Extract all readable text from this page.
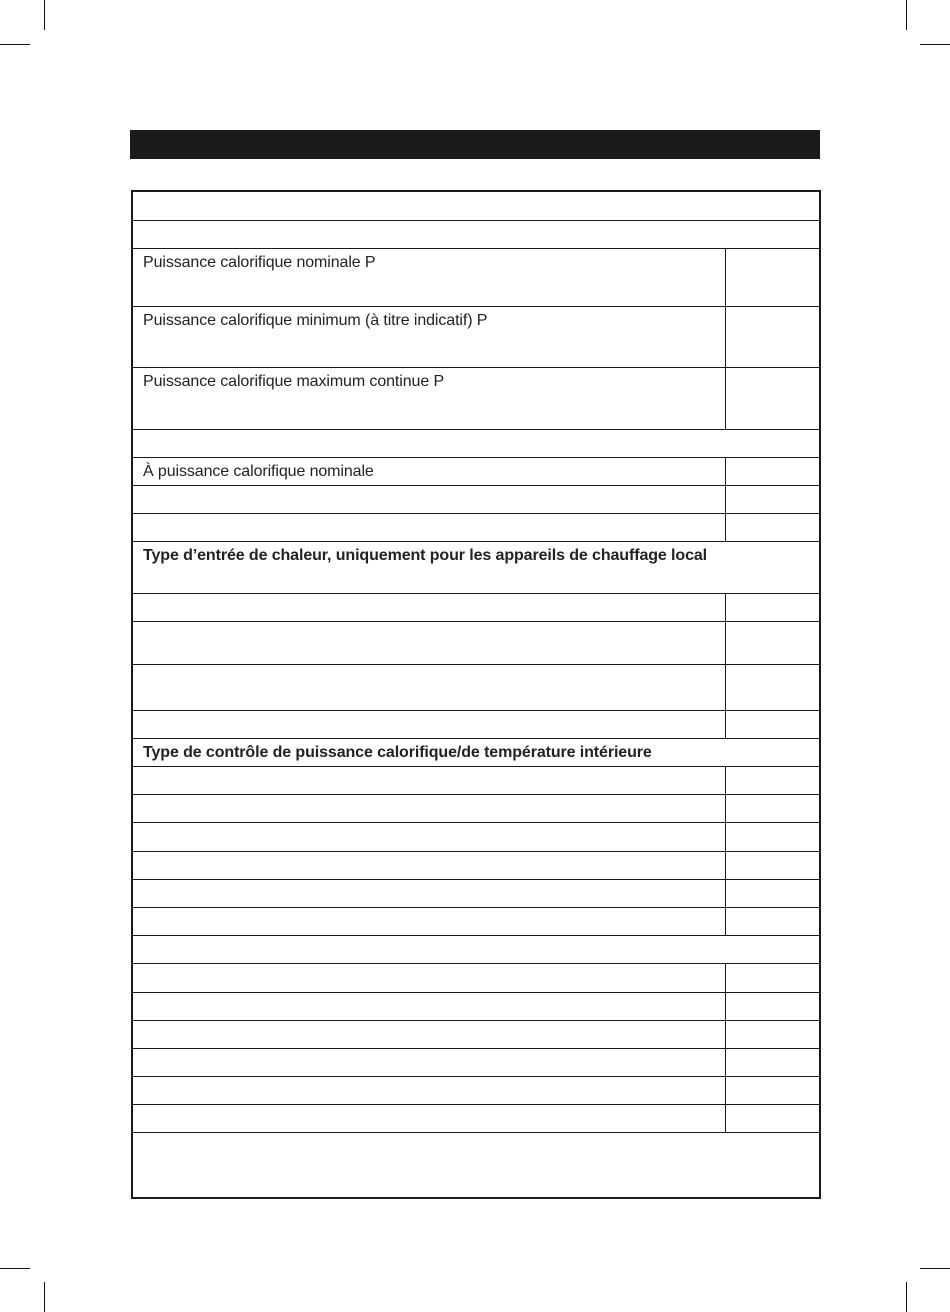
Puissance calorifique nominale P
Puissance calorifique minimum (à titre indicatif) P
Puissance calorifique maximum continue P
À puissance calorifique nominale
Type d’entrée de chaleur, uniquement pour les appareils de chauffage local
Type de contrôle de puissance calorifique/de température intérieure
